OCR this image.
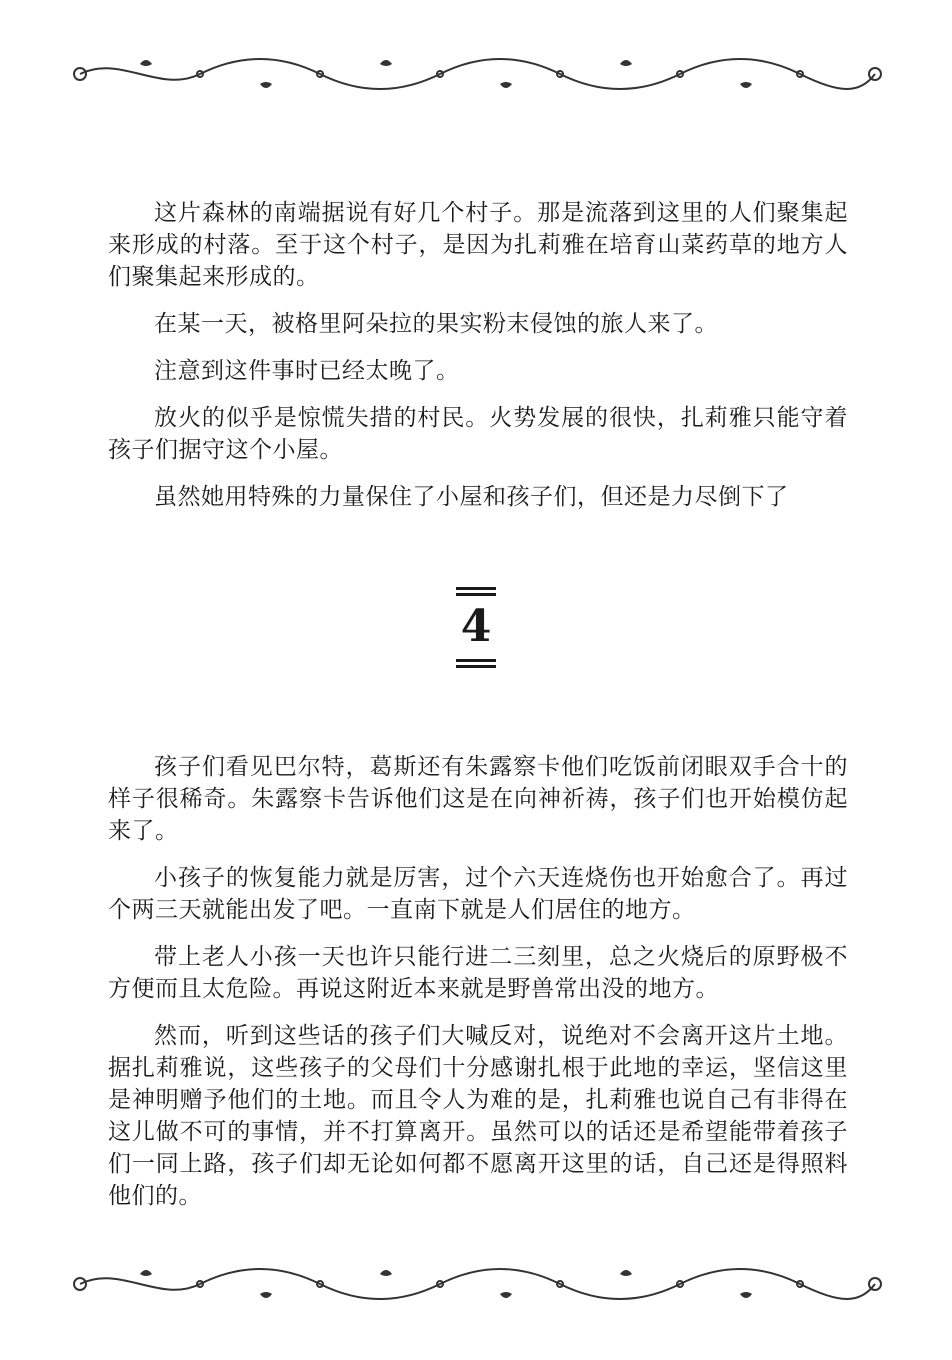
这片森林的南端据说有好几个村子。那是流落到这里的人们聚集起来形成的村落。至于这个村子，是因为扎莉雅在培育山菜药草的地方人们聚集起来形成的。

在某一天，被格里阿朵拉的果实粉末侵蚀的旅人来了。

注意到这件事时已经太晚了。

放火的似乎是惊慌失措的村民。火势发展的很快，扎莉雅只能守着孩子们据守这个小屋。

虽然她用特殊的力量保住了小屋和孩子们，但还是力尽倒下了

4

孩子们看见巴尔特，葛斯还有朱露察卡他们吃饭前闭眼双手合十的样子很稀奇。朱露察卡告诉他们这是在向神祈祷，孩子们也开始模仿起来了。

小孩子的恢复能力就是厉害，过个六天连烧伤也开始愈合了。再过个两三天就能出发了吧。一直南下就是人们居住的地方。

带上老人小孩一天也许只能行进二三刻里，总之火烧后的原野极不方便而且太危险。再说这附近本来就是野兽常出没的地方。

然而，听到这些话的孩子们大喊反对，说绝对不会离开这片土地。据扎莉雅说，这些孩子的父母们十分感谢扎根于此地的幸运，坚信这里是神明赠予他们的土地。而且令人为难的是，扎莉雅也说自己有非得在这儿做不可的事情，并不打算离开。虽然可以的话还是希望能带着孩子们一同上路，孩子们却无论如何都不愿离开这里的话，自己还是得照料他们的。
